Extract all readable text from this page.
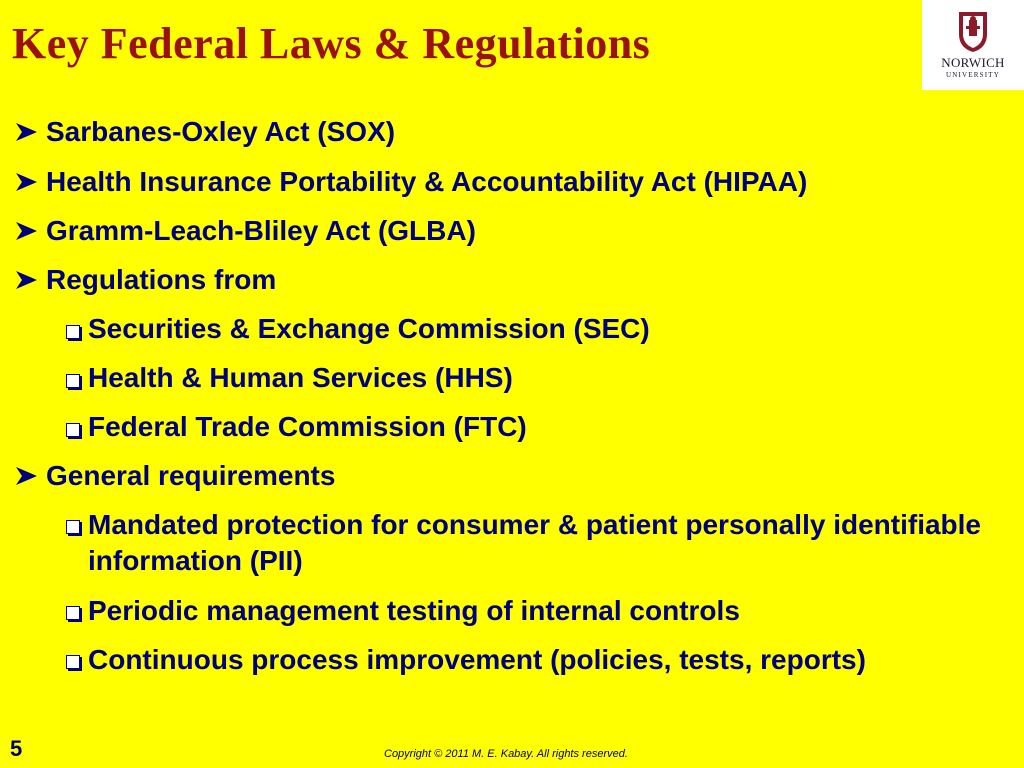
Key Federal Laws & Regulations	NORWICH
UNIVERSITY
Sarbanes-Oxley Act (SOX)
Health Insurance Portability & Accountability Act (HIPAA)
Gramm-Leach-Bliley Act (GLBA)
Regulations from
Securities & Exchange Commission (SEC)
Health & Human Services (HHS)
Federal Trade Commission (FTC)
General requirements
Mandated protection for consumer & patient personally identifiable information (PII)
Periodic management testing of internal controls
Continuous process improvement (policies, tests, reports)
5	Copyright © 2011 M. E. Kabay. All rights reserved.
